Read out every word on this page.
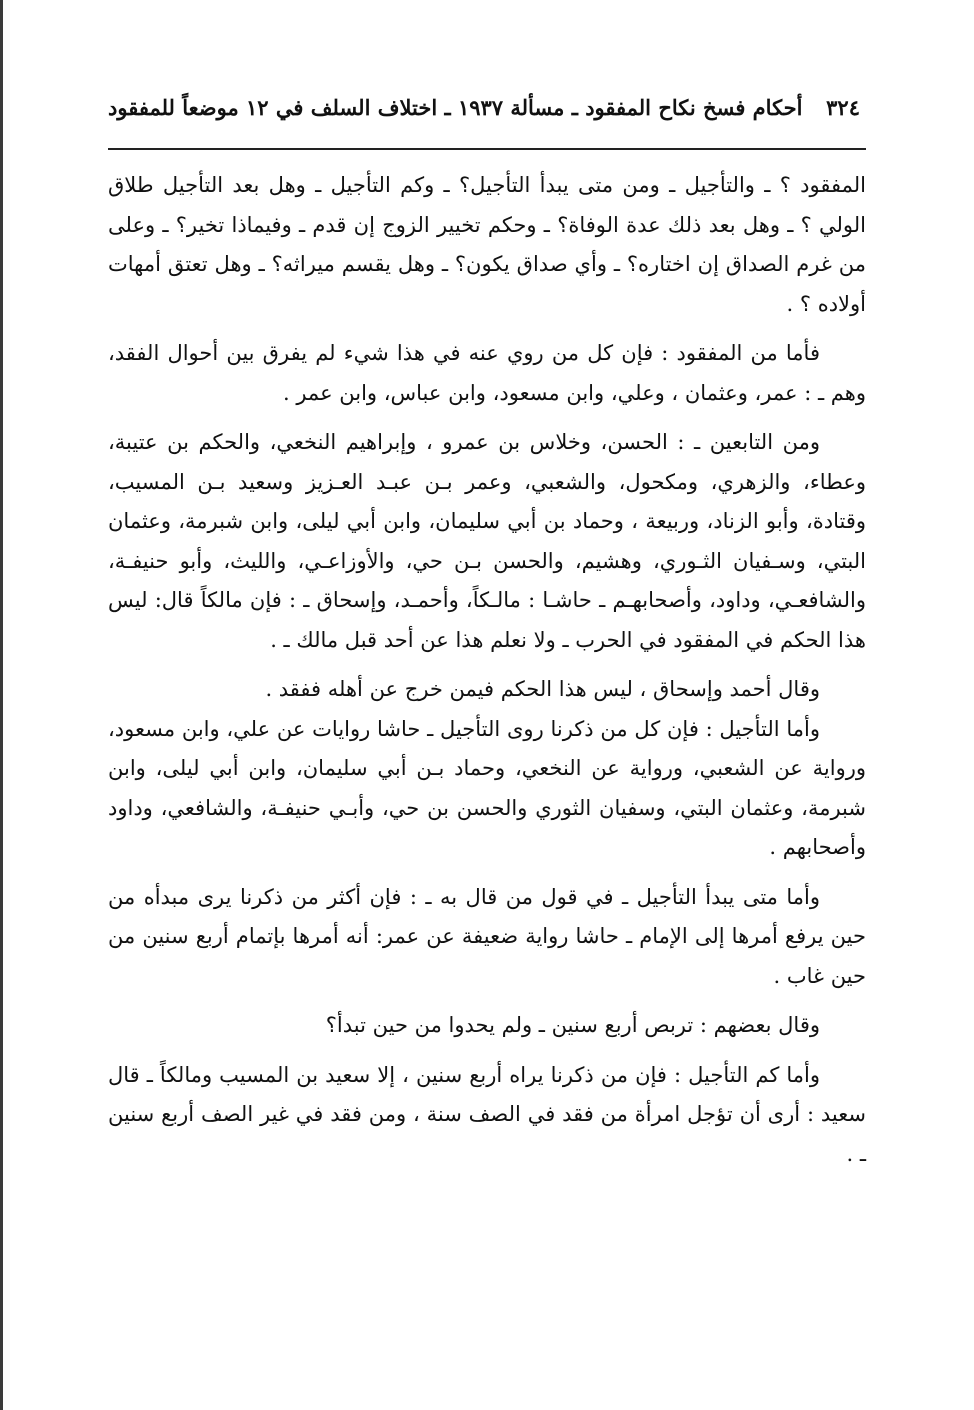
٣٢٤
أحكام فسخ نكاح المفقود ـ مسألة ١٩٣٧ ـ اختلاف السلف في ١٢ موضعاً للمفقود

المفقود ؟ ـ والتأجيل ـ ومن متى يبدأ التأجيل؟ ـ وكم التأجيل ـ وهل بعد التأجيل طلاق الولي ؟ ـ وهل بعد ذلك عدة الوفاة؟ ـ وحكم تخيير الزوج إن قدم ـ وفيماذا تخير؟ ـ وعلى من غرم الصداق إن اختاره؟ ـ وأي صداق يكون؟ ـ وهل يقسم ميراثه؟ ـ وهل تعتق أمهات أولاده ؟ .

فأما من المفقود : فإن كل من روي عنه في هذا شيء لم يفرق بين أحوال الفقد، وهم ـ : عمر، وعثمان ، وعلي، وابن مسعود، وابن عباس، وابن عمر .

ومن التابعين ـ : الحسن، وخلاس بن عمرو ، وإبراهيم النخعي، والحكم بن عتيبة، وعطاء، والزهري، ومكحول، والشعبي، وعمر بـن عبـد العـزيز وسعيد بـن المسيب، وقتادة، وأبو الزناد، وربيعة ، وحماد بن أبي سليمان، وابن أبي ليلى، وابن شبرمة، وعثمان البتي، وسـفيان الثـوري، وهشيم، والحسن بـن حي، والأوزاعـي، والليث، وأبو حنيفـة، والشافعـي، وداود، وأصحابهـم ـ حاشـا : مالـكاً، وأحمـد، وإسحاق ـ : فإن مالكاً قال: ليس هذا الحكم في المفقود في الحرب ـ ولا نعلم هذا عن أحد قبل مالك ـ .

وقال أحمد وإسحاق ، ليس هذا الحكم فيمن خرج عن أهله ففقد .

وأما التأجيل : فإن كل من ذكرنا روى التأجيل ـ حاشا روايات عن علي، وابن مسعود، ورواية عن الشعبي، ورواية عن النخعي، وحماد بـن أبي سليمان، وابن أبي ليلى، وابن شبرمة، وعثمان البتي، وسفيان الثوري والحسن بن حي، وأبـي حنيفـة، والشافعي، وداود وأصحابهم .

وأما متى يبدأ التأجيل ـ في قول من قال به ـ : فإن أكثر من ذكرنا يرى مبدأه من حين يرفع أمرها إلى الإمام ـ حاشا رواية ضعيفة عن عمر: أنه أمرها بإتمام أربع سنين من حين غاب .

وقال بعضهم : تربص أربع سنين ـ ولم يحدوا من حين تبدأ؟

وأما كم التأجيل : فإن من ذكرنا يراه أربع سنين ، إلا سعيد بن المسيب ومالكاً ـ قال سعيد : أرى أن تؤجل امرأة من فقد في الصف سنة ، ومن فقد في غير الصف أربع سنين ـ .
